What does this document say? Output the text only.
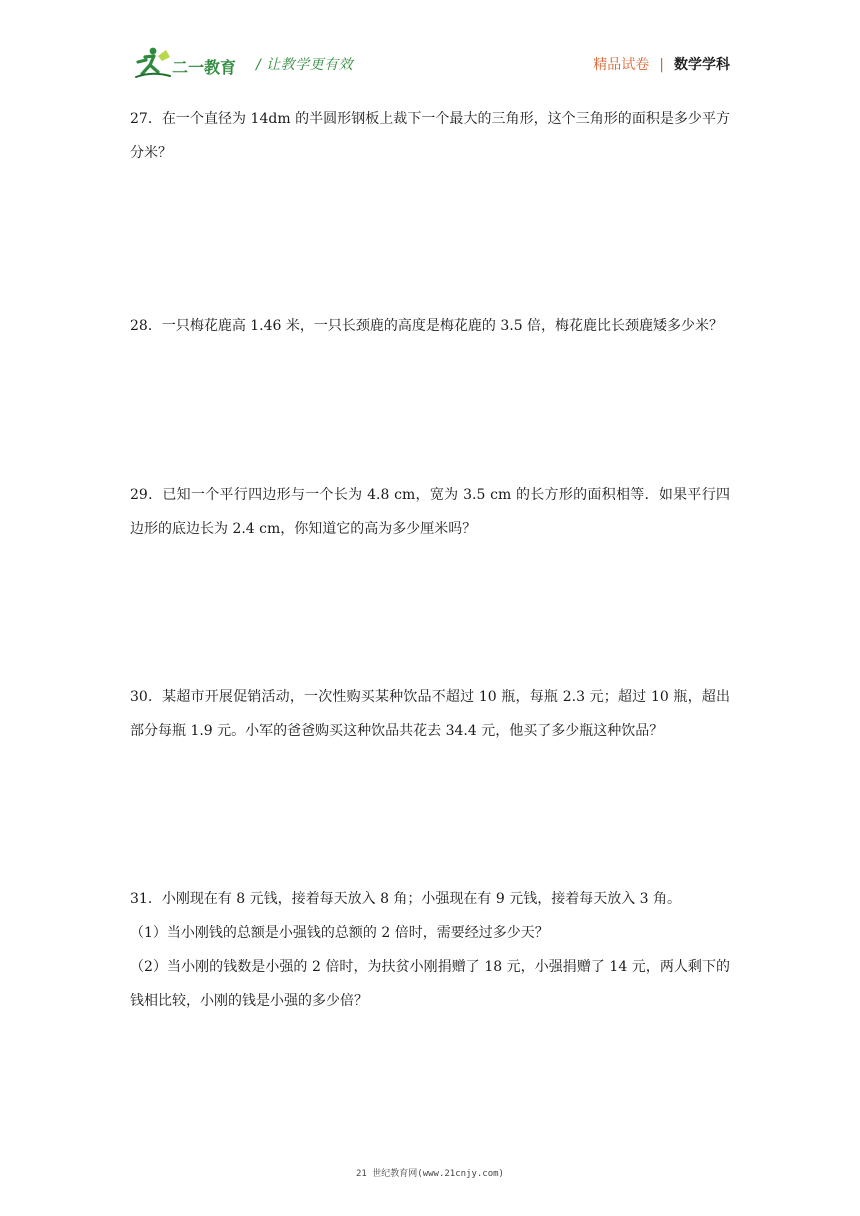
二一教育 / 让教学更有效	精品试卷 | 数学学科

27．在一个直径为 14dm 的半圆形钢板上裁下一个最大的三角形，这个三角形的面积是多少平方分米？

28．一只梅花鹿高 1.46 米，一只长颈鹿的高度是梅花鹿的 3.5 倍，梅花鹿比长颈鹿矮多少米？

29．已知一个平行四边形与一个长为 4.8 cm，宽为 3.5 cm 的长方形的面积相等．如果平行四边形的底边长为 2.4 cm，你知道它的高为多少厘米吗？

30．某超市开展促销活动，一次性购买某种饮品不超过 10 瓶，每瓶 2.3 元；超过 10 瓶，超出部分每瓶 1.9 元。小军的爸爸购买这种饮品共花去 34.4 元，他买了多少瓶这种饮品？

31．小刚现在有 8 元钱，接着每天放入 8 角；小强现在有 9 元钱，接着每天放入 3 角。

（1）当小刚钱的总额是小强钱的总额的 2 倍时，需要经过多少天？

（2）当小刚的钱数是小强的 2 倍时，为扶贫小刚捐赠了 18 元，小强捐赠了 14 元，两人剩下的钱相比较，小刚的钱是小强的多少倍？

21 世纪教育网(www.21cnjy.com)
